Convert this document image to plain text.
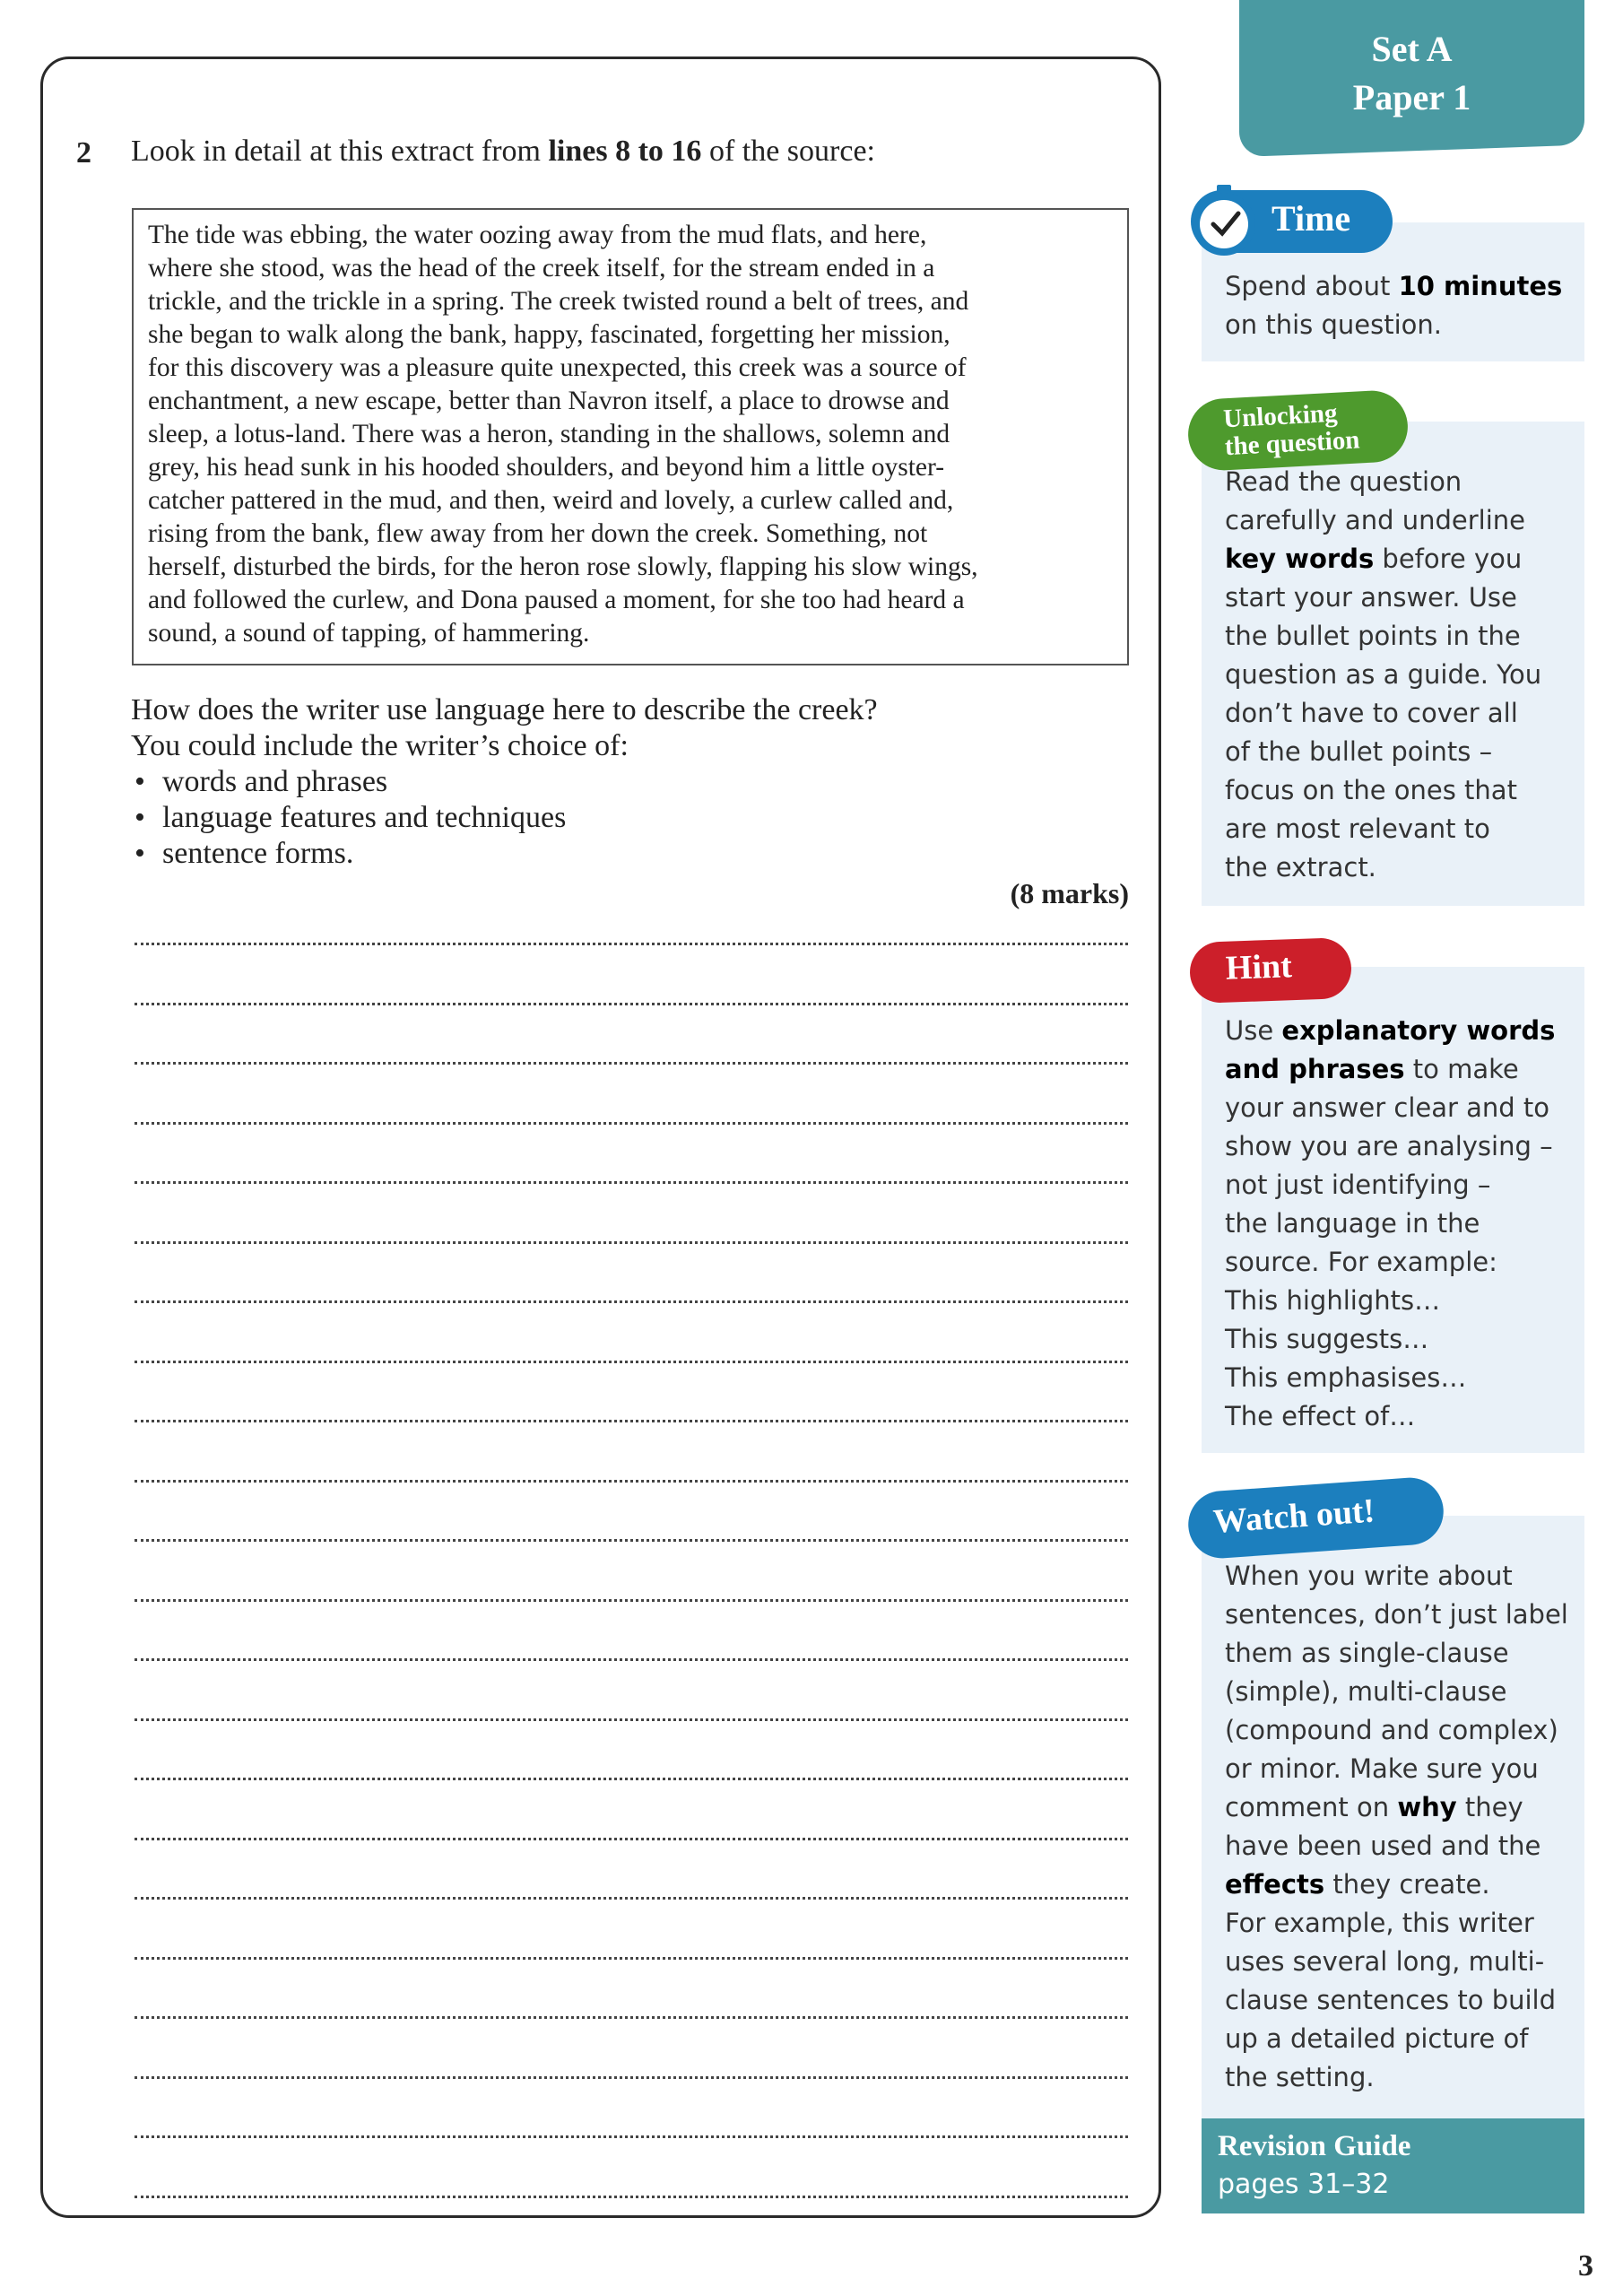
2 Look in detail at this extract from lines 8 to 16 of the source:

The tide was ebbing, the water oozing away from the mud flats, and here,

where she stood, was the head of the creek itself, for the stream ended in a

trickle, and the trickle in a spring. The creek twisted round a belt of trees, and

she began to walk along the bank, happy, fascinated, forgetting her mission,

for this discovery was a pleasure quite unexpected, this creek was a source of

enchantment, a new escape, better than Navron itself, a place to drowse and

sleep, a lotus-land. There was a heron, standing in the shallows, solemn and

grey, his head sunk in his hooded shoulders, and beyond him a little oyster-

catcher pattered in the mud, and then, weird and lovely, a curlew called and,

rising from the bank, flew away from her down the creek. Something, not

herself, disturbed the birds, for the heron rose slowly, flapping his slow wings,

and followed the curlew, and Dona paused a moment, for she too had heard a

sound, a sound of tapping, of hammering.

How does the writer use language here to describe the creek?
You could include the writer’s choice of:
• words and phrases
• language features and techniques
• sentence forms.
(8 marks)
Set A
Paper 1
Spend about 10 minutes
on this question.
Time
Read the question
carefully and underline
key words before you
start your answer. Use
the bullet points in the
question as a guide. You
don’t have to cover all
of the bullet points –
focus on the ones that
are most relevant to
the extract.
Unlocking
the question
Use explanatory words
and phrases to make
your answer clear and to
show you are analysing –
not just identifying –
the language in the
source. For example:
This highlights…
This suggests…
This emphasises…
The effect of…
Hint
When you write about
sentences, don’t just label
them as single-clause
(simple), multi-clause
(compound and complex)
or minor. Make sure you
comment on why they
have been used and the
effects they create.
For example, this writer
uses several long, multi-
clause sentences to build
up a detailed picture of
the setting.
Watch out!
Revision Guide
pages 31–32
3
